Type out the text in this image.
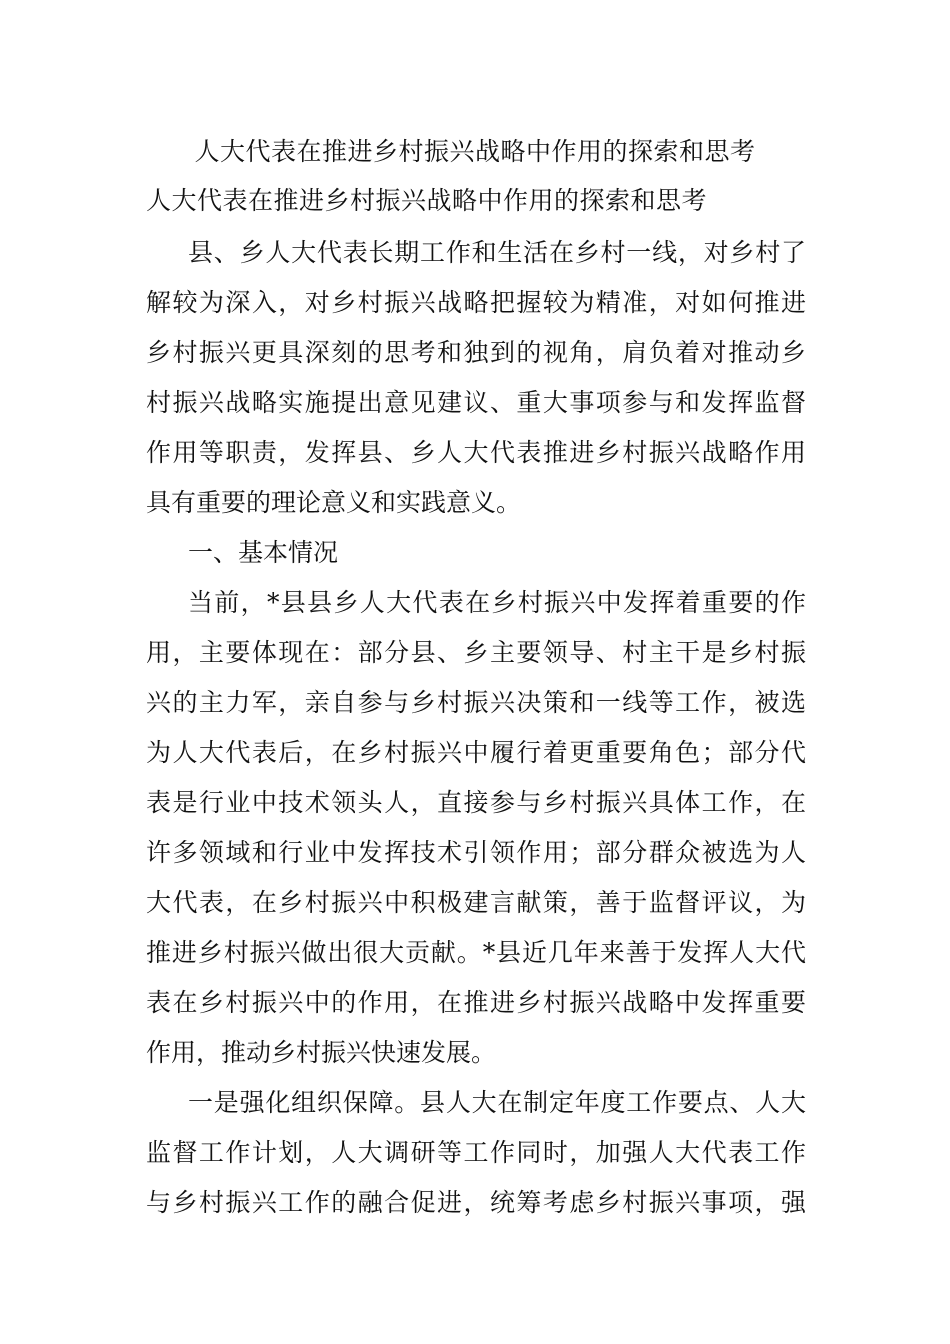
人大代表在推进乡村振兴战略中作用的探索和思考
人大代表在推进乡村振兴战略中作用的探索和思考

县、乡人大代表长期工作和生活在乡村一线，对乡村了
解较为深入，对乡村振兴战略把握较为精准，对如何推进
乡村振兴更具深刻的思考和独到的视角，肩负着对推动乡
村振兴战略实施提出意见建议、重大事项参与和发挥监督
作用等职责，发挥县、乡人大代表推进乡村振兴战略作用
具有重要的理论意义和实践意义。

一、基本情况

当前，*县县乡人大代表在乡村振兴中发挥着重要的作
用，主要体现在：部分县、乡主要领导、村主干是乡村振
兴的主力军，亲自参与乡村振兴决策和一线等工作，被选
为人大代表后，在乡村振兴中履行着更重要角色；部分代
表是行业中技术领头人，直接参与乡村振兴具体工作，在
许多领域和行业中发挥技术引领作用；部分群众被选为人
大代表，在乡村振兴中积极建言献策，善于监督评议，为
推进乡村振兴做出很大贡献。*县近几年来善于发挥人大代
表在乡村振兴中的作用，在推进乡村振兴战略中发挥重要
作用，推动乡村振兴快速发展。

一是强化组织保障。县人大在制定年度工作要点、人大
监督工作计划，人大调研等工作同时，加强人大代表工作
与乡村振兴工作的融合促进，统筹考虑乡村振兴事项，强
